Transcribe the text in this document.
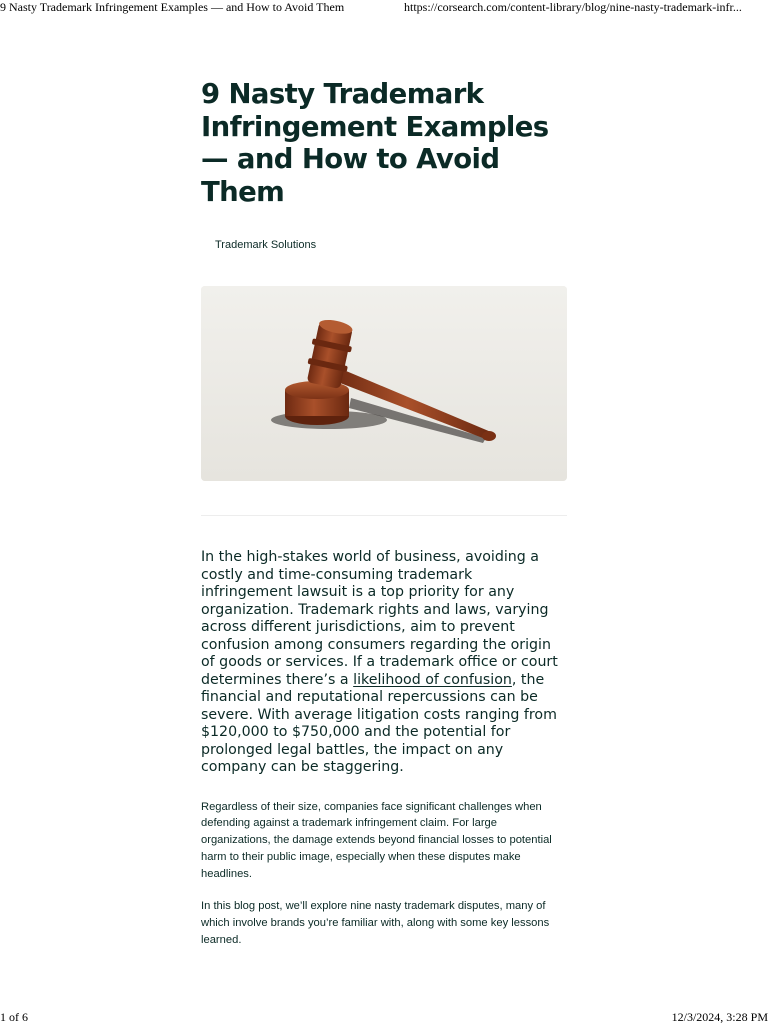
9 Nasty Trademark Infringement Examples — and How to Avoid Them	https://corsearch.com/content-library/blog/nine-nasty-trademark-infr...
9 Nasty Trademark Infringement Examples — and How to Avoid Them
Trademark Solutions

In the high-stakes world of business, avoiding a costly and time-consuming trademark infringement lawsuit is a top priority for any organization. Trademark rights and laws, varying across different jurisdictions, aim to prevent confusion among consumers regarding the origin of goods or services. If a trademark office or court determines there’s a likelihood of confusion, the financial and reputational repercussions can be severe. With average litigation costs ranging from $120,000 to $750,000 and the potential for prolonged legal battles, the impact on any company can be staggering.

Regardless of their size, companies face significant challenges when defending against a trademark infringement claim. For large organizations, the damage extends beyond financial losses to potential harm to their public image, especially when these disputes make headlines.

In this blog post, we’ll explore nine nasty trademark disputes, many of which involve brands you’re familiar with, along with some key lessons learned.

1 of 6	12/3/2024, 3:28 PM
